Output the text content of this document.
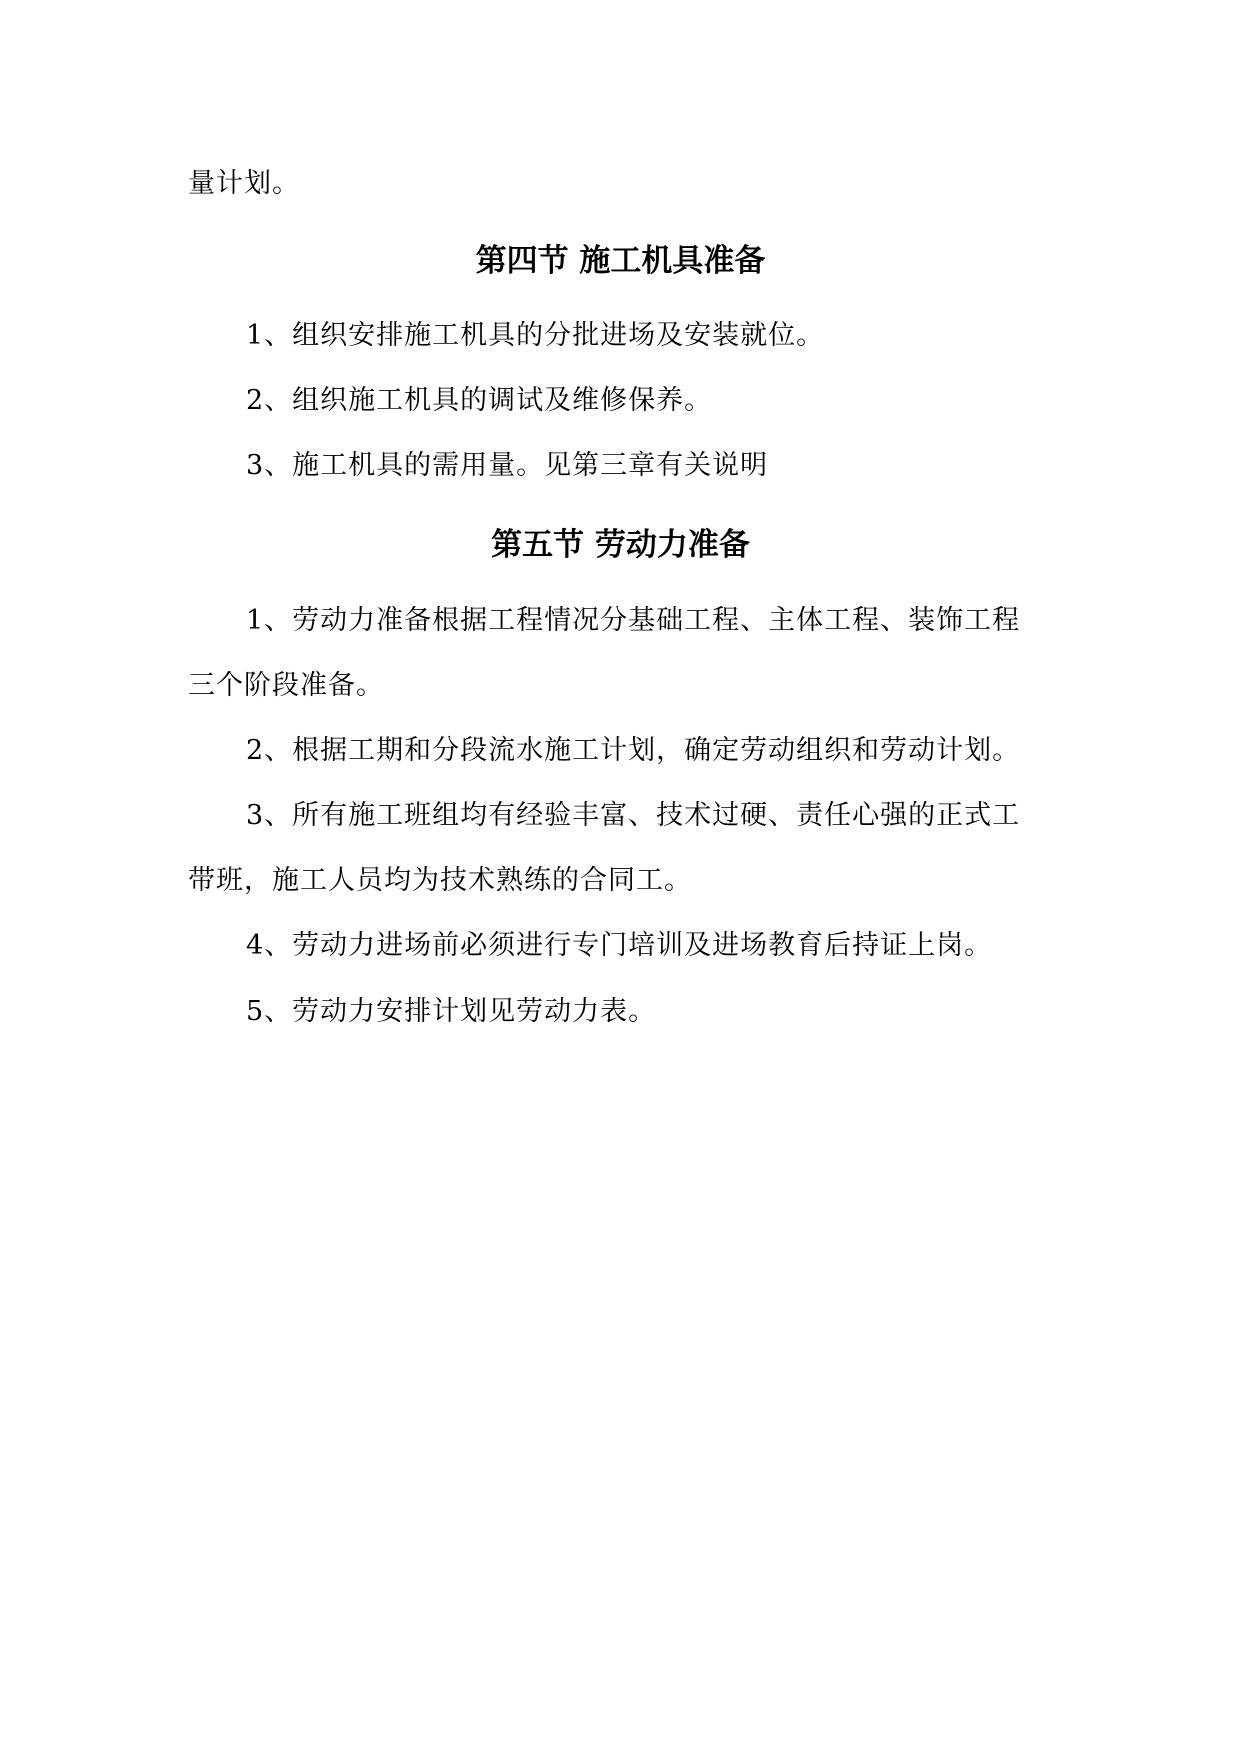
量计划。
第四节 施工机具准备
1、组织安排施工机具的分批进场及安装就位。
2、组织施工机具的调试及维修保养。
3、施工机具的需用量。见第三章有关说明
第五节 劳动力准备
1、劳动力准备根据工程情况分基础工程、主体工程、装饰工程
三个阶段准备。
2、根据工期和分段流水施工计划，确定劳动组织和劳动计划。
3、所有施工班组均有经验丰富、技术过硬、责任心强的正式工
带班，施工人员均为技术熟练的合同工。
4、劳动力进场前必须进行专门培训及进场教育后持证上岗。
5、劳动力安排计划见劳动力表。
